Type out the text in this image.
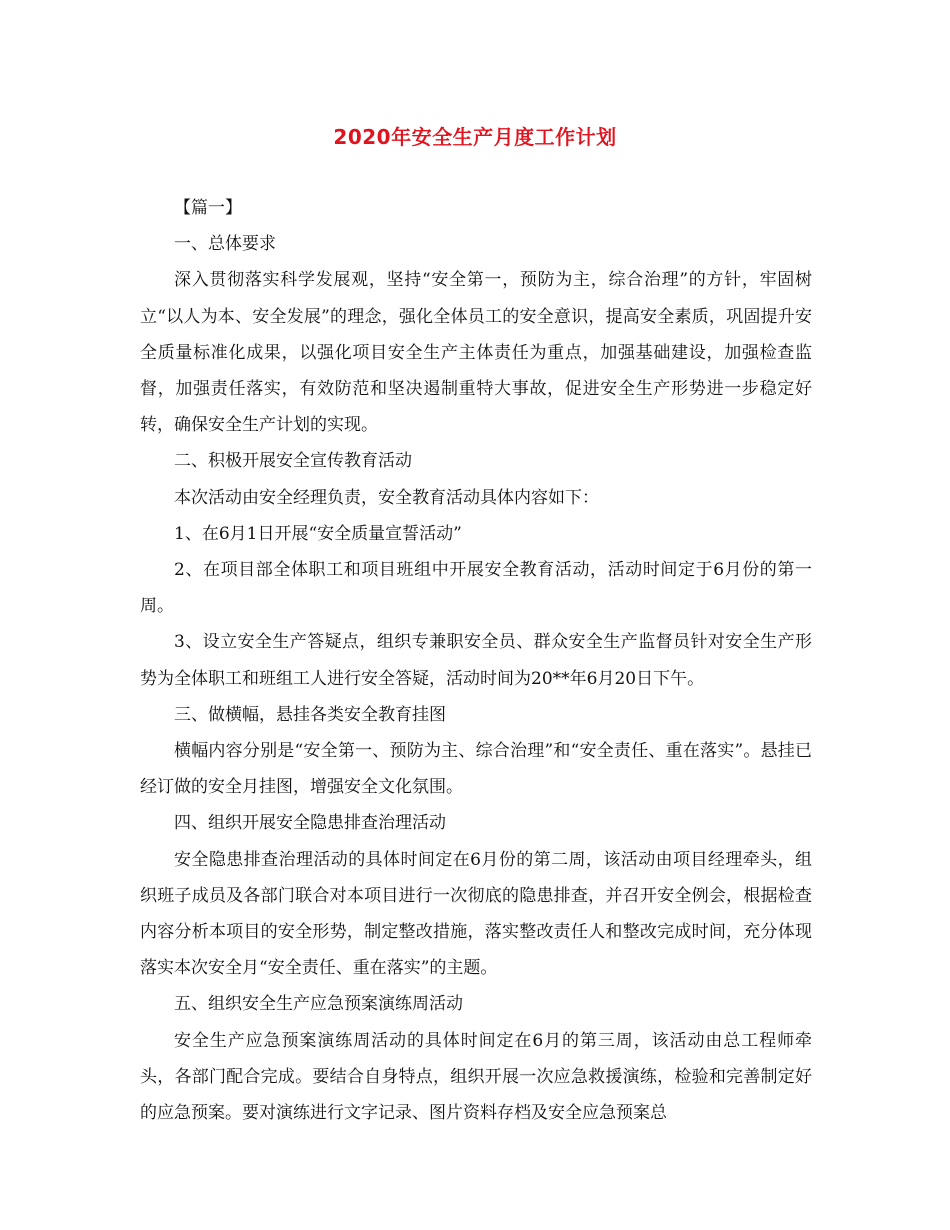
2020年安全生产月度工作计划

【篇一】

一、总体要求

深入贯彻落实科学发展观，坚持“安全第一，预防为主，综合治理”的方针，牢固树立“以人为本、安全发展”的理念，强化全体员工的安全意识，提高安全素质，巩固提升安全质量标准化成果，以强化项目安全生产主体责任为重点，加强基础建设，加强检查监督，加强责任落实，有效防范和坚决遏制重特大事故，促进安全生产形势进一步稳定好转，确保安全生产计划的实现。

二、积极开展安全宣传教育活动

本次活动由安全经理负责，安全教育活动具体内容如下：

1、在6月1日开展“安全质量宣誓活动”

2、在项目部全体职工和项目班组中开展安全教育活动，活动时间定于6月份的第一周。

3、设立安全生产答疑点，组织专兼职安全员、群众安全生产监督员针对安全生产形势为全体职工和班组工人进行安全答疑，活动时间为20**年6月20日下午。

三、做横幅，悬挂各类安全教育挂图

横幅内容分别是“安全第一、预防为主、综合治理”和“安全责任、重在落实”。悬挂已经订做的安全月挂图，增强安全文化氛围。

四、组织开展安全隐患排查治理活动

安全隐患排查治理活动的具体时间定在6月份的第二周，该活动由项目经理牵头，组织班子成员及各部门联合对本项目进行一次彻底的隐患排查，并召开安全例会，根据检查内容分析本项目的安全形势，制定整改措施，落实整改责任人和整改完成时间，充分体现落实本次安全月“安全责任、重在落实”的主题。

五、组织安全生产应急预案演练周活动

安全生产应急预案演练周活动的具体时间定在6月的第三周，该活动由总工程师牵头，各部门配合完成。要结合自身特点，组织开展一次应急救援演练，检验和完善制定好的应急预案。要对演练进行文字记录、图片资料存档及安全应急预案总
